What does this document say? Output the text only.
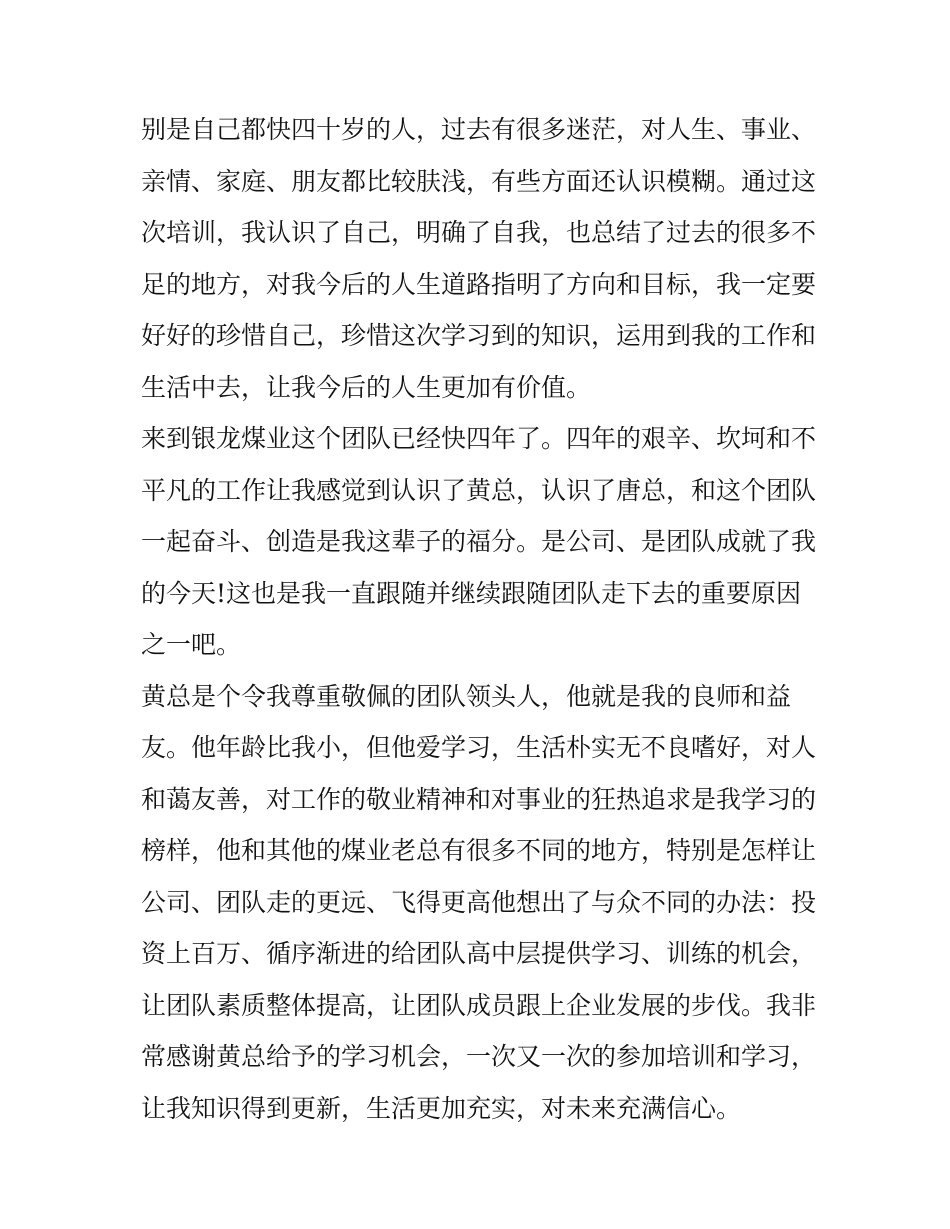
别是自己都快四十岁的人，过去有很多迷茫，对人生、事业、
亲情、家庭、朋友都比较肤浅，有些方面还认识模糊。通过这
次培训，我认识了自己，明确了自我，也总结了过去的很多不
足的地方，对我今后的人生道路指明了方向和目标，我一定要
好好的珍惜自己，珍惜这次学习到的知识，运用到我的工作和
生活中去，让我今后的人生更加有价值。
来到银龙煤业这个团队已经快四年了。四年的艰辛、坎坷和不
平凡的工作让我感觉到认识了黄总，认识了唐总，和这个团队
一起奋斗、创造是我这辈子的福分。是公司、是团队成就了我
的今天!这也是我一直跟随并继续跟随团队走下去的重要原因
之一吧。
黄总是个令我尊重敬佩的团队领头人，他就是我的良师和益
友。他年龄比我小，但他爱学习，生活朴实无不良嗜好，对人
和蔼友善，对工作的敬业精神和对事业的狂热追求是我学习的
榜样，他和其他的煤业老总有很多不同的地方，特别是怎样让
公司、团队走的更远、飞得更高他想出了与众不同的办法：投
资上百万、循序渐进的给团队高中层提供学习、训练的机会，
让团队素质整体提高，让团队成员跟上企业发展的步伐。我非
常感谢黄总给予的学习机会，一次又一次的参加培训和学习，
让我知识得到更新，生活更加充实，对未来充满信心。
